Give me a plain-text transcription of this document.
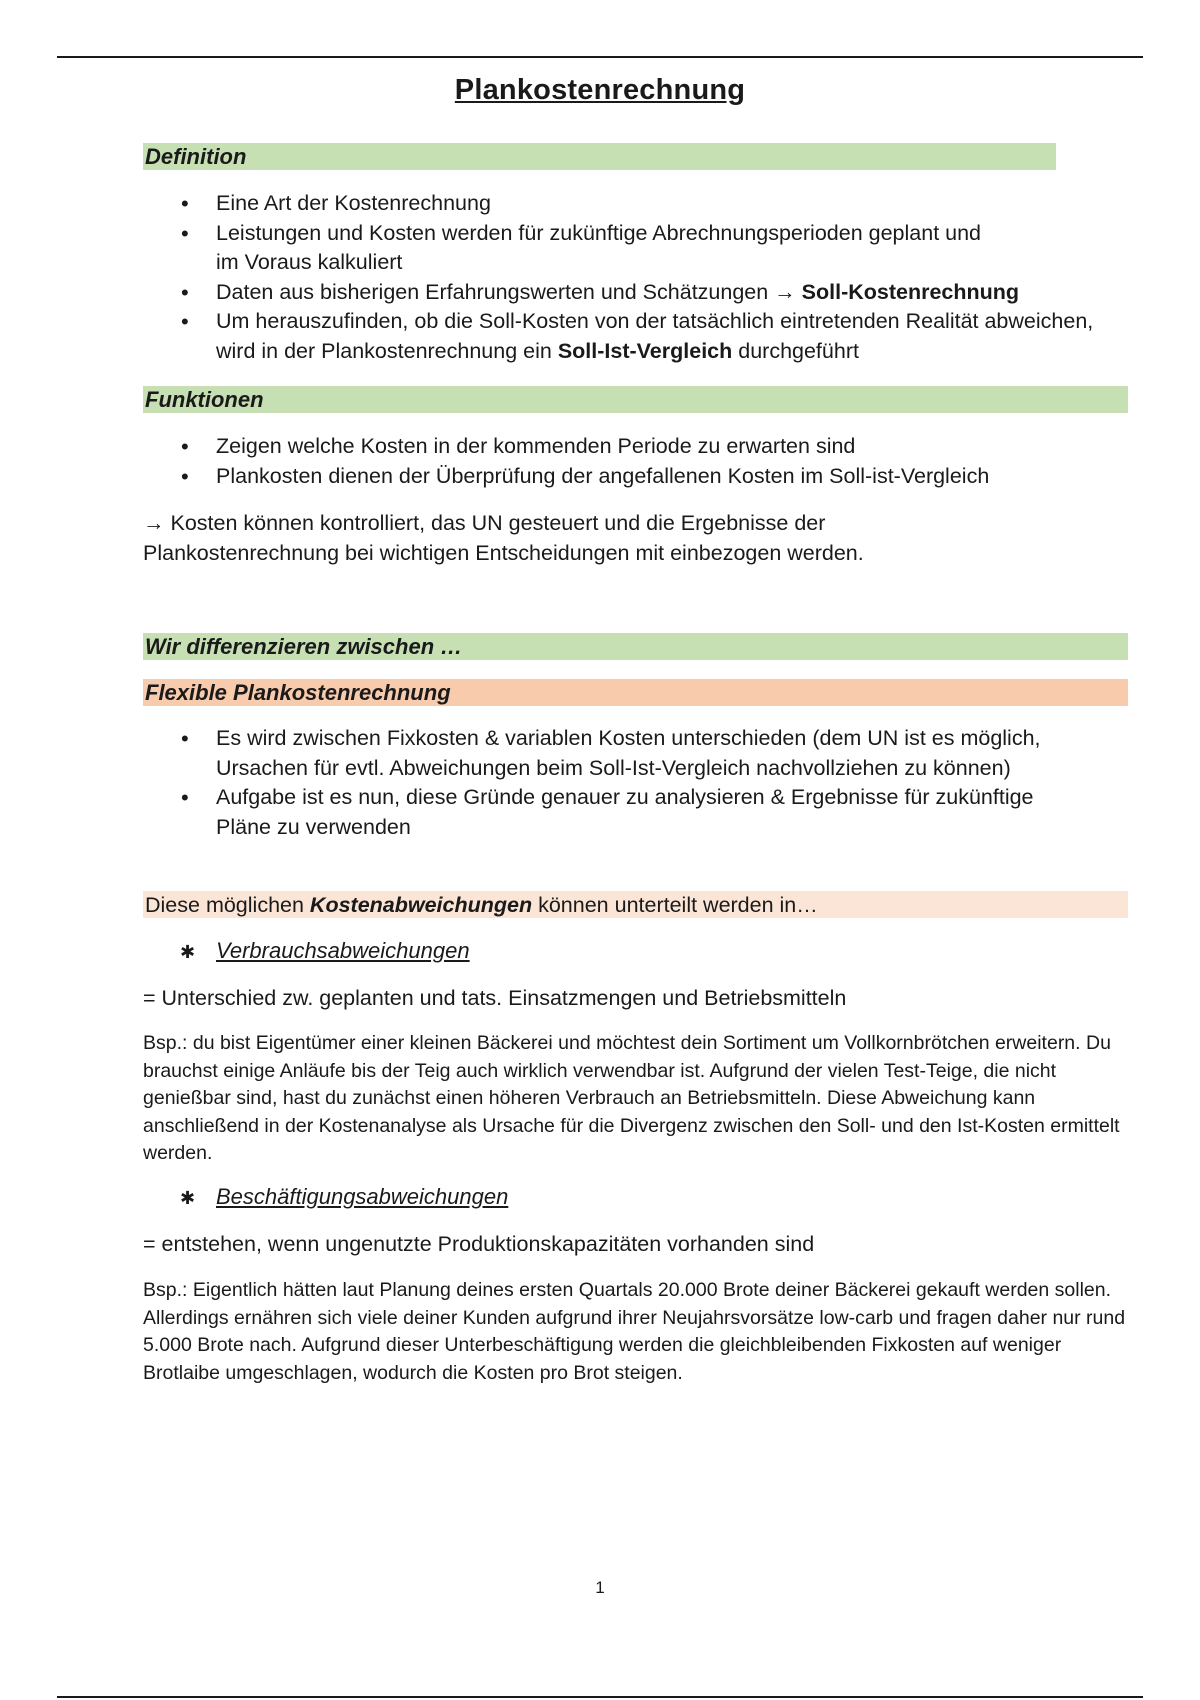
Plankostenrechnung
Definition
• Eine Art der Kostenrechnung
• Leistungen und Kosten werden für zukünftige Abrechnungsperioden geplant und im Voraus kalkuliert
• Daten aus bisherigen Erfahrungswerten und Schätzungen → Soll-Kostenrechnung
• Um herauszufinden, ob die Soll-Kosten von der tatsächlich eintretenden Realität abweichen, wird in der Plankostenrechnung ein Soll-Ist-Vergleich durchgeführt
Funktionen
• Zeigen welche Kosten in der kommenden Periode zu erwarten sind
• Plankosten dienen der Überprüfung der angefallenen Kosten im Soll-ist-Vergleich
→ Kosten können kontrolliert, das UN gesteuert und die Ergebnisse der Plankostenrechnung bei wichtigen Entscheidungen mit einbezogen werden.
Wir differenzieren zwischen …
Flexible Plankostenrechnung
• Es wird zwischen Fixkosten & variablen Kosten unterschieden (dem UN ist es möglich, Ursachen für evtl. Abweichungen beim Soll-Ist-Vergleich nachvollziehen zu können)
• Aufgabe ist es nun, diese Gründe genauer zu analysieren & Ergebnisse für zukünftige Pläne zu verwenden
Diese möglichen Kostenabweichungen können unterteilt werden in…
✱ Verbrauchsabweichungen
= Unterschied zw. geplanten und tats. Einsatzmengen und Betriebsmitteln
Bsp.: du bist Eigentümer einer kleinen Bäckerei und möchtest dein Sortiment um Vollkornbrötchen erweitern. Du brauchst einige Anläufe bis der Teig auch wirklich verwendbar ist. Aufgrund der vielen Test-Teige, die nicht genießbar sind, hast du zunächst einen höheren Verbrauch an Betriebsmitteln. Diese Abweichung kann anschließend in der Kostenanalyse als Ursache für die Divergenz zwischen den Soll- und den Ist-Kosten ermittelt werden.
✱ Beschäftigungsabweichungen
= entstehen, wenn ungenutzte Produktionskapazitäten vorhanden sind
Bsp.: Eigentlich hätten laut Planung deines ersten Quartals 20.000 Brote deiner Bäckerei gekauft werden sollen. Allerdings ernähren sich viele deiner Kunden aufgrund ihrer Neujahrsvorsätze low-carb und fragen daher nur rund 5.000 Brote nach. Aufgrund dieser Unterbeschäftigung werden die gleichbleibenden Fixkosten auf weniger Brotlaibe umgeschlagen, wodurch die Kosten pro Brot steigen.
1
